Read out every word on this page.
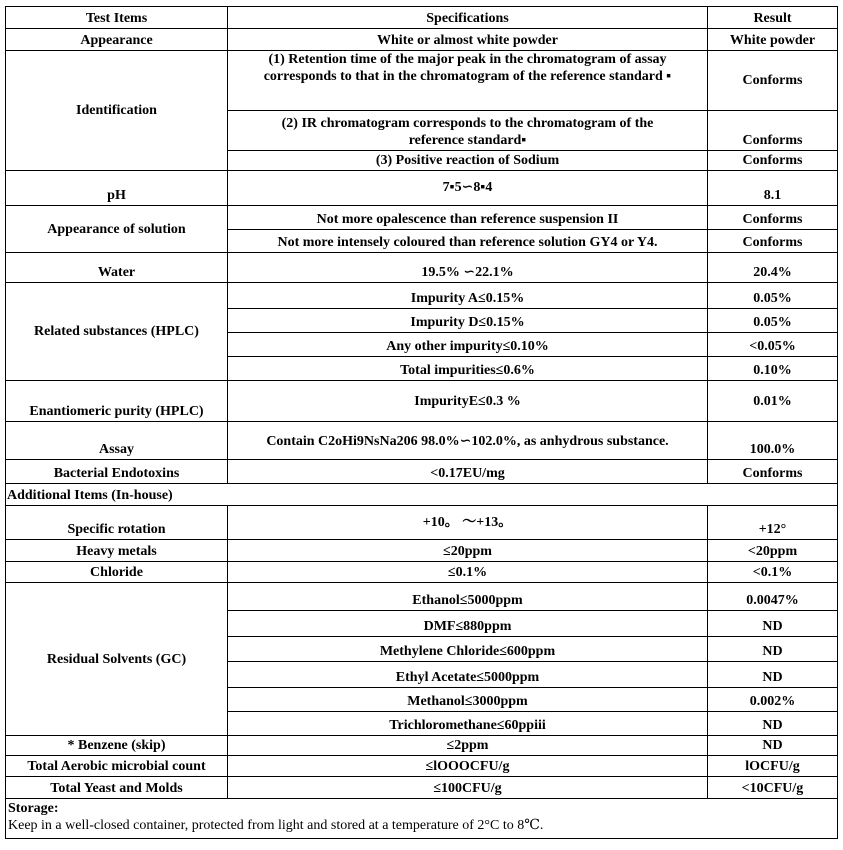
Test Items	Specifications	Result
Appearance	White or almost white powder	White powder
Identification	(1) Retention time of the major peak in the chromatogram of assay
corresponds to that in the chromatogram of the reference standard ▪	Conforms

	(2) IR chromatogram corresponds to the chromatogram of the
reference standard▪	Conforms
	(3) Positive reaction of Sodium	Conforms
pH	7▪5∽8▪4	8.1
Appearance of solution	Not more opalescence than reference suspension II	Conforms
	Not more intensely coloured than reference solution GY4 or Y4.	Conforms
Water	19.5% ∽22.1%	20.4%
Related substances (HPLC)	Impurity A≤0.15%	0.05%
	Impurity D≤0.15%	0.05%
	Any other impurity≤0.10%	<0.05%
	Total impurities≤0.6%	0.10%
Enantiomeric purity (HPLC)	ImpurityE≤0.3 %	0.01%
Assay	Contain C2oHi9NsNa206 98.0%∽102.0%, as anhydrous substance.	100.0%
Bacterial Endotoxins	<0.17EU/mg	Conforms
Additional Items (In-house)		
Specific rotation	+10。 ～+13。	+12°
Heavy metals	≤20ppm	<20ppm
Chloride	≤0.1%	<0.1%
Residual Solvents (GC)	Ethanol≤5000ppm	0.0047%
	DMF≤880ppm	ND
	Methylene Chloride≤600ppm	ND
	Ethyl Acetate≤5000ppm	ND
	Methanol≤3000ppm	0.002%
	Trichloromethane≤60ppiii	ND
* Benzene (skip)	≤2ppm	ND
Total Aerobic microbial count	≤lOOOCFU/g	lOCFU/g
Total Yeast and Molds	≤100CFU/g	<10CFU/g

Storage:
Keep in a well-closed container, protected from light and stored at a temperature of 2°C to 8℃.		
